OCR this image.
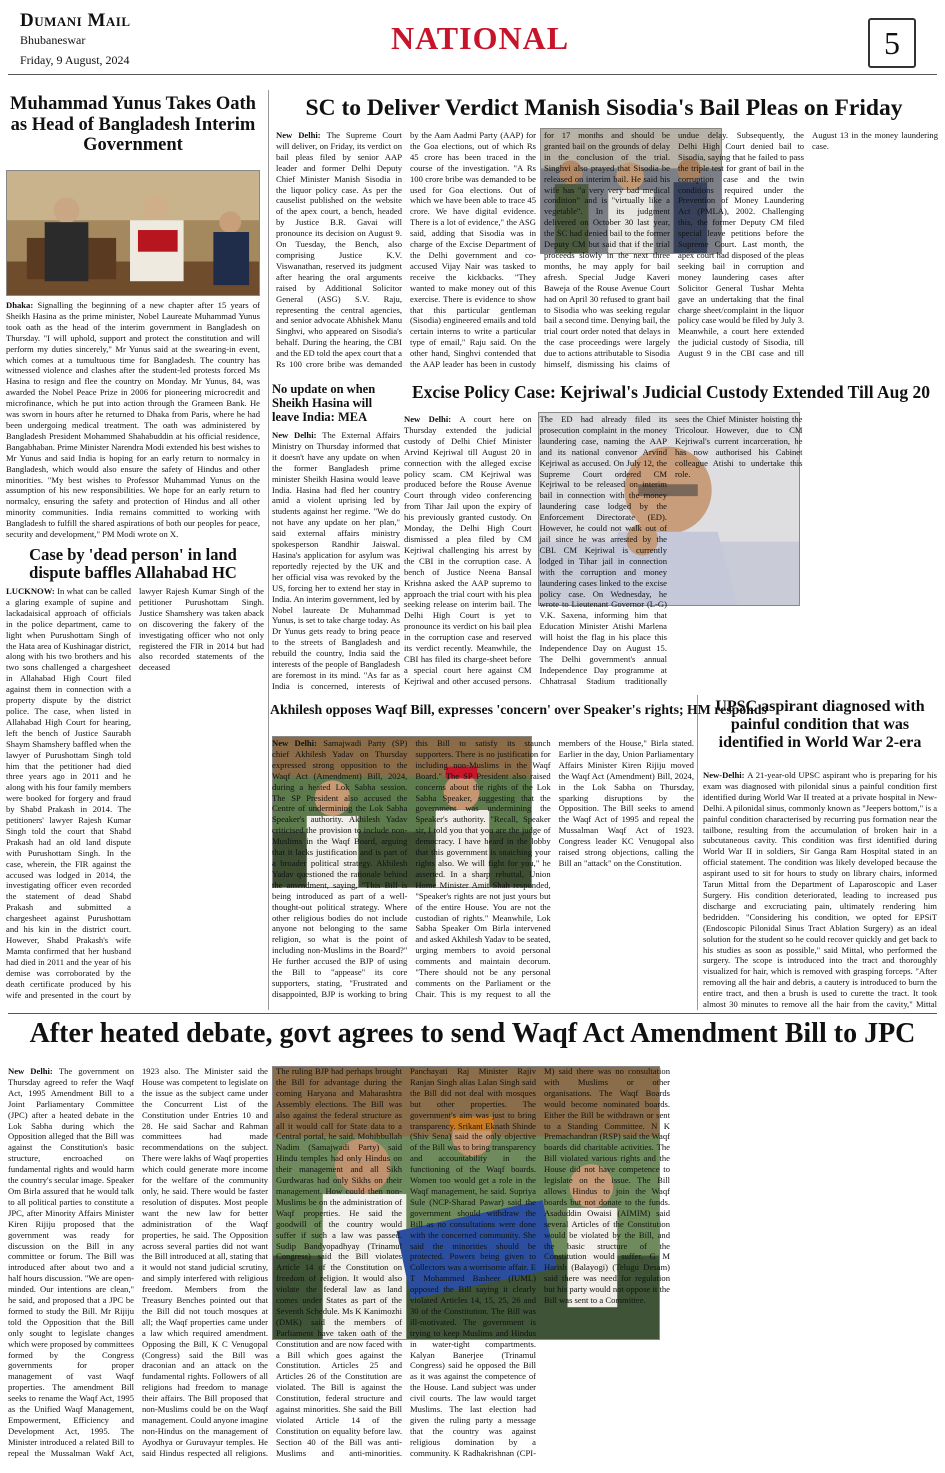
Dumani Mail
Bhubaneswar
Friday, 9 August, 2024
NATIONAL	5
Muhammad Yunus Takes Oath as Head of Bangladesh Interim Government
Dhaka: Signalling the beginning of a new chapter after 15 years of Sheikh Hasina as the prime minister, Nobel Laureate Muhammad Yunus took oath as the head of the interim government in Bangladesh on Thursday. "I will uphold, support and protect the constitution and will perform my duties sincerely," Mr Yunus said at the swearing-in event, which comes at a tumultuous time for Bangladesh. The country has witnessed violence and clashes after the student-led protests forced Ms Hasina to resign and flee the country on Monday. Mr Yunus, 84, was awarded the Nobel Peace Prize in 2006 for pioneering microcredit and microfinance, which he put into action through the Grameen Bank. He was sworn in hours after he returned to Dhaka from Paris, where he had been undergoing medical treatment. The oath was administered by Bangladesh President Mohammed Shahabuddin at his official residence, Bangabhaban. Prime Minister Narendra Modi extended his best wishes to Mr Yunus and said India is hoping for an early return to normalcy in Bangladesh, which would also ensure the safety of Hindus and other minorities. "My best wishes to Professor Muhammad Yunus on the assumption of his new responsibilities. We hope for an early return to normalcy, ensuring the safety and protection of Hindus and all other minority communities. India remains committed to working with Bangladesh to fulfill the shared aspirations of both our peoples for peace, security and development," PM Modi wrote on X.
Case by 'dead person' in land dispute baffles Allahabad HC
LUCKNOW: In what can be called a glaring example of supine and lackadaisical approach of officials in the police department, came to light when Purushottam Singh of the Hata area of Kushinagar district, along with his two brothers and his two sons challenged a chargesheet in Allahabad High Court filed against them in connection with a property dispute by the district police. The case, when listed in Allahabad High Court for hearing, left the bench of Justice Saurabh Shaym Shamshery baffled when the lawyer of Purushottam Singh told him that the petitioner had died three years ago in 2011 and he along with his four family members were booked for forgery and fraud by Shabd Prakash in 2014. The petitioners' lawyer Rajesh Kumar Singh told the court that Shabd Prakash had an old land dispute with Purushottam Singh. In the case, wherein, the FIR against the accused was lodged in 2014, the investigating officer even recorded the statement of dead Shabd Prakash and submitted a chargesheet against Purushottam and his kin in the district court. However, Shabd Prakash's wife Mamta confirmed that her husband had died in 2011 and the year of his demise was corroborated by the death certificate produced by his wife and presented in the court by lawyer Rajesh Kumar Singh of the petitioner Purushottam Singh. Justice Shamshery was taken aback on discovering the fakery of the investigating officer who not only registered the FIR in 2014 but had also recorded statements of the deceased
SC to Deliver Verdict Manish Sisodia's Bail Pleas on Friday
New Delhi: The Supreme Court will deliver, on Friday, its verdict on bail pleas filed by senior AAP leader and former Delhi Deputy Chief Minister Manish Sisodia in the liquor policy case. As per the causelist published on the website of the apex court, a bench, headed by Justice B.R. Gavai will pronounce its decision on August 9. On Tuesday, the Bench, also comprising Justice K.V. Viswanathan, reserved its judgment after hearing the oral arguments raised by Additional Solicitor General (ASG) S.V. Raju, representing the central agencies, and senior advocate Abhishek Manu Singhvi, who appeared on Sisodia's behalf. During the hearing, the CBI and the ED told the apex court that a Rs 100 crore bribe was demanded by the Aam Aadmi Party (AAP) for the Goa elections, out of which Rs 45 crore has been traced in the course of the investigation. "A Rs 100 crore bribe was demanded to be used for Goa elections. Out of which we have been able to trace 45 crore. We have digital evidence. There is a lot of evidence," the ASG said, adding that Sisodia was in charge of the Excise Department of the Delhi government and co-accused Vijay Nair was tasked to receive the kickbacks. "They wanted to make money out of this exercise. There is evidence to show that this particular gentleman (Sisodia) engineered emails and told certain interns to write a particular type of email," Raju said. On the other hand, Singhvi contended that the AAP leader has been in custody for 17 months and should be granted bail on the grounds of delay in the conclusion of the trial. Singhvi also prayed that Sisodia be released on interim bail. He said his wife has "a very very bad medical condition" and is "virtually like a vegetable". In its judgment delivered on October 30 last year, the SC had denied bail to the former Deputy CM but said that if the trial proceeds slowly in the next three months, he may apply for bail afresh. Special Judge Kaveri Baweja of the Rouse Avenue Court had on April 30 refused to grant bail to Sisodia who was seeking regular bail a second time. Denying bail, the trial court order noted that delays in the case proceedings were largely due to actions attributable to Sisodia himself, dismissing his claims of undue delay. Subsequently, the Delhi High Court denied bail to Sisodia, saying that he failed to pass the triple test for grant of bail in the corruption case and the twin conditions required under the Prevention of Money Laundering Act (PMLA), 2002. Challenging this, the former Deputy CM filed special leave petitions before the Supreme Court. Last month, the apex court had disposed of the pleas seeking bail in corruption and money laundering cases after Solicitor General Tushar Mehta gave an undertaking that the final charge sheet/complaint in the liquor policy case would be filed by July 3. Meanwhile, a court here extended the judicial custody of Sisodia, till August 9 in the CBI case and till August 13 in the money laundering case.
No update on when Sheikh Hasina will leave India: MEA
New Delhi: The External Affairs Ministry on Thursday informed that it doesn't have any update on when the former Bangladesh prime minister Sheikh Hasina would leave India. Hasina had fled her country amid a violent uprising led by students against her regime. "We do not have any update on her plan," said external affairs ministry spokesperson Randhir Jaiswal. Hasina's application for asylum was reportedly rejected by the UK and her official visa was revoked by the US, forcing her to extend her stay in India. An interim government, led by Nobel laureate Dr Muhammad Yunus, is set to take charge today. As Dr Yunus gets ready to bring peace to the streets of Bangladesh and rebuild the country, India said the interests of the people of Bangladesh are foremost in its mind. "As far as India is concerned, interests of
Excise Policy Case: Kejriwal's Judicial Custody Extended Till Aug 20
New Delhi: A court here on Thursday extended the judicial custody of Delhi Chief Minister Arvind Kejriwal till August 20 in connection with the alleged excise policy scam. CM Kejriwal was produced before the Rouse Avenue Court through video conferencing from Tihar Jail upon the expiry of his previously granted custody. On Monday, the Delhi High Court dismissed a plea filed by CM Kejriwal challenging his arrest by the CBI in the corruption case. A bench of Justice Neena Bansal Krishna asked the AAP supremo to approach the trial court with his plea seeking release on interim bail. The Delhi High Court is yet to pronounce its verdict on his bail plea in the corruption case and reserved its verdict recently. Meanwhile, the CBI has filed its charge-sheet before a special court here against CM Kejriwal and other accused persons. The ED had already filed its prosecution complaint in the money laundering case, naming the AAP and its national convenor Arvind Kejriwal as accused. On July 12, the Supreme Court ordered CM Kejriwal to be released on interim bail in connection with the money laundering case lodged by the Enforcement Directorate (ED). However, he could not walk out of jail since he was arrested by the CBI. CM Kejriwal is currently lodged in Tihar jail in connection with the corruption and money laundering cases linked to the excise policy case. On Wednesday, he wrote to Lieutenant Governor (L-G) V.K. Saxena, informing him that Education Minister Atishi Marlena will hoist the flag in his place this Independence Day on August 15. The Delhi government's annual Independence Day programme at Chhatrasal Stadium traditionally sees the Chief Minister hoisting the Tricolour. However, due to CM Kejriwal's current incarceration, he has now authorised his Cabinet colleague Atishi to undertake this role.
Akhilesh opposes Waqf Bill, expresses 'concern' over Speaker's rights; HM responds
New Delhi: Samajwadi Party (SP) chief Akhilesh Yadav on Thursday expressed strong opposition to the Waqf Act (Amendment) Bill, 2024, during a heated Lok Sabha session. The SP President also accused the Centre of undermining the Lok Sabha Speaker's authority. Akhilesh Yadav criticised the provision to include non-Muslims in the Waqf Board, arguing that it lacks justification and is part of a broader political strategy. Akhilesh Yadav questioned the rationale behind the amendment, saying, "This Bill is being introduced as part of a well-thought-out political strategy. Where other religious bodies do not include anyone not belonging to the same religion, so what is the point of including non-Muslims in the Board?" He further accused the BJP of using the Bill to "appease" its core supporters, stating, "Frustrated and disappointed, BJP is working to bring this Bill to satisfy its staunch supporters. There is no justification for including non-Muslims in the Waqf Board." The SP President also raised concerns about the rights of the Lok Sabha Speaker, suggesting that the government was undermining the Speaker's authority. "Recall, Speaker sir, I told you that you are the judge of democracy. I have heard in the lobby that this government is snatching your rights also. We will fight for you," he asserted. In a sharp rebuttal, Union Home Minister Amit Shah responded, "Speaker's rights are not just yours but of the entire House. You are not the custodian of rights." Meanwhile, Lok Sabha Speaker Om Birla intervened and asked Akhilesh Yadav to be seated, urging members to avoid personal comments and maintain decorum. "There should not be any personal comments on the Parliament or the Chair. This is my request to all the members of the House," Birla stated. Earlier in the day, Union Parliamentary Affairs Minister Kiren Rijiju moved the Waqf Act (Amendment) Bill, 2024, in the Lok Sabha on Thursday, sparking disruptions by the Opposition. The Bill seeks to amend the Waqf Act of 1995 and repeal the Mussalman Waqf Act of 1923. Congress leader KC Venugopal also raised strong objections, calling the Bill an "attack" on the Constitution.
UPSC aspirant diagnosed with painful condition that was identified in World War 2-era
New-Delhi: A 21-year-old UPSC aspirant who is preparing for his exam was diagnosed with pilonidal sinus a painful condition first identified during World War II treated at a private hospital in New-Delhi. A pilonidal sinus, commonly known as "Jeepers bottom," is a painful condition characterised by recurring pus formation near the tailbone, resulting from the accumulation of broken hair in a subcutaneous cavity. This condition was first identified during World War II in soldiers, Sir Ganga Ram Hospital stated in an official statement. The condition was likely developed because the aspirant used to sit for hours to study on library chairs, informed Tarun Mittal from the Department of Laparoscopic and Laser Surgery. His condition deteriorated, leading to increased pus discharge and excruciating pain, ultimately rendering him bedridden. "Considering his condition, we opted for EPSiT (Endoscopic Pilonidal Sinus Tract Ablation Surgery) as an ideal solution for the student so he could recover quickly and get back to his studies as soon as possible," said Mittal, who performed the surgery. The scope is introduced into the tract and thoroughly visualized for hair, which is removed with grasping forceps. "After removing all the hair and debris, a cautery is introduced to burn the entire tract, and then a brush is used to curette the tract. It took almost 30 minutes to remove all the hair from the cavity," Mittal
After heated debate, govt agrees to send Waqf Act Amendment Bill to JPC
New Delhi: The government on Thursday agreed to refer the Waqf Act, 1995 Amendment Bill to a Joint Parliamentary Committee (JPC) after a heated debate in the Lok Sabha during which the Opposition alleged that the Bill was against the Constitution's basic structure, encroached on fundamental rights and would harm the country's secular image. Speaker Om Birla assured that he would talk to all political parties to constitute a JPC, after Minority Affairs Minister Kiren Rijiju proposed that the government was ready for discussion on the Bill in any committee or forum. The Bill was introduced after about two and a half hours discussion. "We are open-minded. Our intentions are clean," he said, and proposed that a JPC be formed to study the Bill. Mr Rijiju told the Opposition that the Bill only sought to legislate changes which were proposed by committees formed by the Congress governments for proper management of vast Waqf properties. The amendment Bill seeks to rename the Waqf Act, 1995 as the Unified Waqf Management, Empowerment, Efficiency and Development Act, 1995. The Minister introduced a related Bill to repeal the Mussalman Wakf Act, 1923 also. The Minister said the House was competent to legislate on the issue as the subject came under the Concurrent List of the Constitution under Entries 10 and 28. He said Sachar and Rahman committees had made recommendations on the subject. There were lakhs of Waqf properties which could generate more income for the welfare of the community only, he said. There would be faster resolution of disputes. Most people want the new law for better administration of the Waqf properties, he said. The Opposition across several parties did not want the Bill introduced at all, stating that it would not stand judicial scrutiny, and simply interfered with religious freedom. Members from the Treasury Benches pointed out that the Bill did not touch mosques at all; the Waqf properties came under a law which required amendment. Opposing the Bill, K C Venugopal (Congress) said the Bill was draconian and an attack on the fundamental rights. Followers of all religions had freedom to manage their affairs. The Bill proposed that non-Muslims could be on the Waqf management. Could anyone imagine non-Hindus on the management of Ayodhya or Guruvayur temples. He said Hindus respected all religions. The ruling BJP had perhaps brought the Bill for advantage during the coming Haryana and Maharashtra Assembly elections. The Bill was also against the federal structure as all it would call for State data to a Central portal, he said. Mohibbullah Nadim (Samajwadi Party) said Hindu temples had only Hindus on their management and all Sikh Gurdwaras had only Sikhs on their management. How could then non-Muslims be on the administration of Waqf properties. He said the goodwill of the country would suffer if such a law was passed. Sudip Bandyopadhyay (Trinamul Congress) said the Bill violates Article 14 of the Constitution on freedom of religion. It would also violate the federal law as land comes under States as part of the Seventh Schedule. Ms K Kanimozhi (DMK) said the members of Parliament have taken oath of the Constitution and are now faced with a Bill which goes against the Constitution. Articles 25 and Articles 26 of the Constitution are violated. The Bill is against the Constitution, federal structure and against minorities. She said the Bill violated Article 14 of the Constitution on equality before law. Section 40 of the Bill was anti-Muslims and anti-minorities. Panchayati Raj Minister Rajiv Ranjan Singh alias Lalan Singh said the Bill did not deal with mosques but other properties. The government's aim was just to bring transparency. Srikant Eknath Shinde (Shiv Sena) said the only objective of the Bill was to bring transparency and accountability in the functioning of the Waqf boards. Women too would get a role in the Waqf management, he said. Supriya Sule (NCP-Sharad Pawar) said the government should withdraw the Bill as no consultations were done with the concerned community. She said the minorities should be protected. Powers being given to Collectors was a worrisome affair. E T Mohammed Basheer (IUML) opposed the Bill saying it clearly violated Articles 14, 15, 25, 26 and 30 of the Constitution. The Bill was ill-motivated. The government is trying to keep Muslims and Hindus in water-tight compartments. Kalyan Banerjee (Trinamul Congress) said he opposed the Bill as it was against the competence of the House. Land subject was under civil courts. The law would target Muslims. The last election had given the ruling party a message that the country was against religious domination by a community. K Radhakrishnan (CPI-M) said there was no consultation with Muslims or other organisations. The Waqf Boards would become nominated boards. Either the Bill be withdrawn or sent to a Standing Committee. N K Premachandran (RSP) said the Waqf boards did charitable activities. The Bill violated various rights and the House did not have competence to legislate on the issue. The Bill allows Hindus to join the Waqf boards but not donate to the funds. Asaduddin Owaisi (AIMIM) said several Articles of the Constitution would be violated by the Bill, and the basic structure of the Constitution would suffer. G M Harish (Balayogi) (Telugu Desam) said there was need for regulation but his party would not oppose it the Bill was sent to a Committee.
